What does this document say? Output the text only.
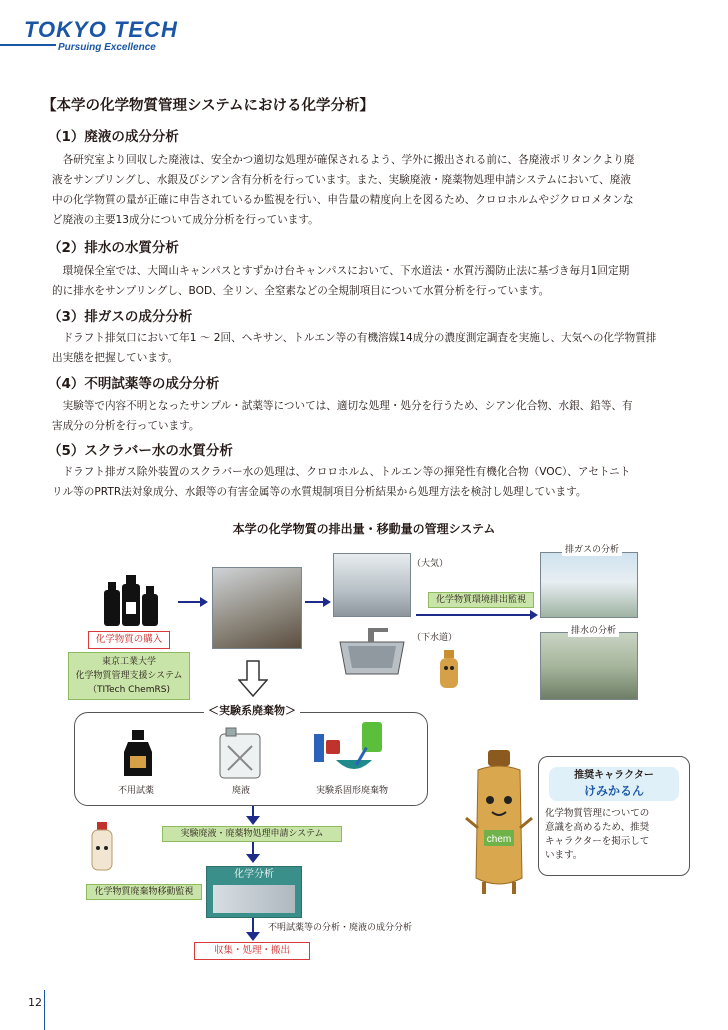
TOKYO TECH
Pursuing Excellence
【本学の化学物質管理システムにおける化学分析】
（1）廃液の成分分析

各研究室より回収した廃液は、安全かつ適切な処理が確保されるよう、学外に搬出される前に、各廃液ポリタンクより廃

液をサンプリングし、水銀及びシアン含有分析を行っています。また、実験廃液・廃薬物処理申請システムにおいて、廃液
中の化学物質の量が正確に申告されているか監視を行い、申告量の精度向上を図るため、クロロホルムやジクロロメタンな
ど廃液の主要13成分について成分分析を行っています。
（2）排水の水質分析

環境保全室では、大岡山キャンパスとすずかけ台キャンパスにおいて、下水道法・水質汚濁防止法に基づき毎月1回定期

的に排水をサンプリングし、BOD、全リン、全窒素などの全規制項目について水質分析を行っています。
（3）排ガスの成分分析

ドラフト排気口において年1 ～ 2回、ヘキサン、トルエン等の有機溶媒14成分の濃度測定調査を実施し、大気への化学物質排

出実態を把握しています。
（4）不明試薬等の成分分析

実験等で内容不明となったサンプル・試薬等については、適切な処理・処分を行うため、シアン化合物、水銀、鉛等、有

害成分の分析を行っています。
（5）スクラバー水の水質分析

ドラフト排ガス除外装置のスクラバー水の処理は、クロロホルム、トルエン等の揮発性有機化合物（VOC）、アセトニト

リル等のPRTR法対象成分、水銀等の有害金属等の水質規制項目分析結果から処理方法を検討し処理しています。
本学の化学物質の排出量・移動量の管理システム
化学物質の購入
東京工業大学
化学物質管理支援システム
（TITech ChemRS)
（大気）
（下水道）
化学物質環境排出監視
排ガスの分析
排水の分析
＜実験系廃棄物＞
不用試薬	廃液	実験系固形廃棄物
実験廃液・廃薬物処理申請システム
化学分析
化学物質廃棄物移動監視
不明試薬等の分析・廃液の成分分析
収集・処理・搬出
chem
推奨キャラクター
けみかるん
化学物質管理についての
意識を高めるため、推奨
キャラクターを掲示して
います。
12
